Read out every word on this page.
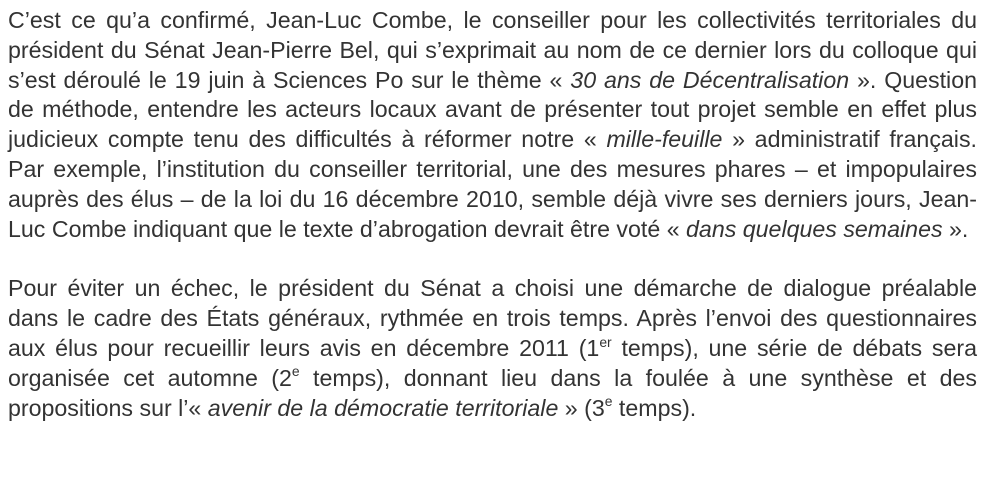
C’est ce qu’a confirmé, Jean-Luc Combe, le conseiller pour les collectivités territoriales du président du Sénat Jean-Pierre Bel, qui s’exprimait au nom de ce dernier lors du colloque qui s’est déroulé le 19 juin à Sciences Po sur le thème « 30 ans de Décentralisation ». Question de méthode, entendre les acteurs locaux avant de présenter tout projet semble en effet plus judicieux compte tenu des difficultés à réformer notre « mille-feuille » administratif français. Par exemple, l’institution du conseiller territorial, une des mesures phares – et impopulaires auprès des élus – de la loi du 16 décembre 2010, semble déjà vivre ses derniers jours, Jean-Luc Combe indiquant que le texte d’abrogation devrait être voté « dans quelques semaines ».

Pour éviter un échec, le président du Sénat a choisi une démarche de dialogue préalable dans le cadre des États généraux, rythmée en trois temps. Après l’envoi des questionnaires aux élus pour recueillir leurs avis en décembre 2011 (1er temps), une série de débats sera organisée cet automne (2e temps), donnant lieu dans la foulée à une synthèse et des propositions sur l’« avenir de la démocratie territoriale » (3e temps).
